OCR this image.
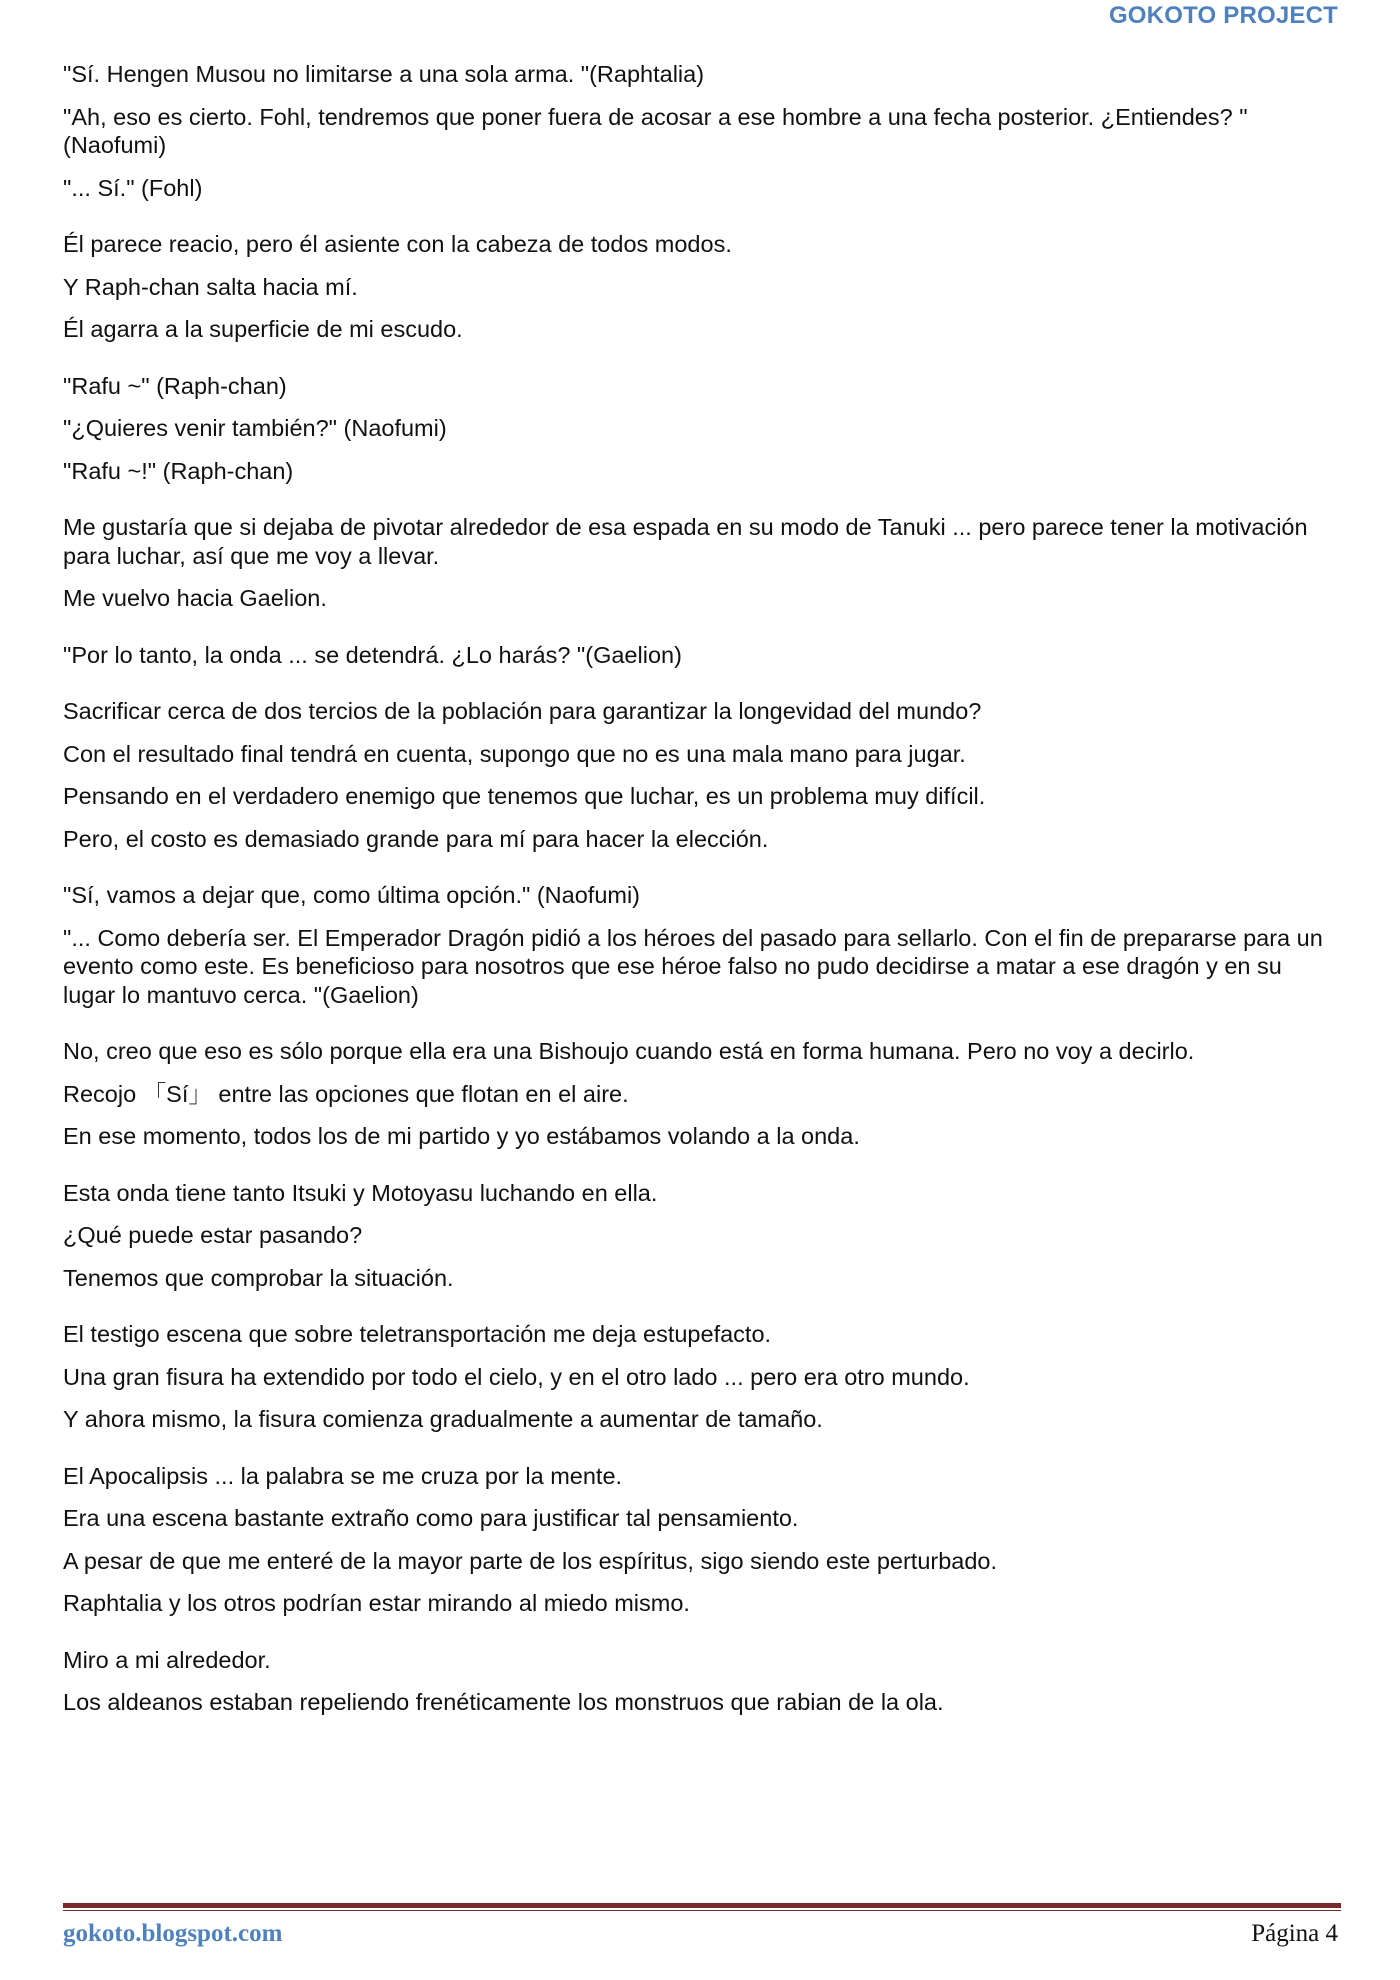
GOKOTO PROJECT

"Sí. Hengen Musou no limitarse a una sola arma. "(Raphtalia)

"Ah, eso es cierto. Fohl, tendremos que poner fuera de acosar a ese hombre a una fecha posterior. ¿Entiendes? "(Naofumi)

"... Sí." (Fohl)

Él parece reacio, pero él asiente con la cabeza de todos modos.

Y Raph-chan salta hacia mí.

Él agarra a la superficie de mi escudo.

"Rafu ~" (Raph-chan)

"¿Quieres venir también?" (Naofumi)

"Rafu ~!" (Raph-chan)

Me gustaría que si dejaba de pivotar alrededor de esa espada en su modo de Tanuki ... pero parece tener la motivación para luchar, así que me voy a llevar.

Me vuelvo hacia Gaelion.

"Por lo tanto, la onda ... se detendrá. ¿Lo harás? "(Gaelion)

Sacrificar cerca de dos tercios de la población para garantizar la longevidad del mundo?

Con el resultado final tendrá en cuenta, supongo que no es una mala mano para jugar.

Pensando en el verdadero enemigo que tenemos que luchar, es un problema muy difícil.

Pero, el costo es demasiado grande para mí para hacer la elección.

"Sí, vamos a dejar que, como última opción." (Naofumi)

"... Como debería ser. El Emperador Dragón pidió a los héroes del pasado para sellarlo. Con el fin de prepararse para un evento como este. Es beneficioso para nosotros que ese héroe falso no pudo decidirse a matar a ese dragón y en su lugar lo mantuvo cerca. "(Gaelion)

No, creo que eso es sólo porque ella era una Bishoujo cuando está en forma humana. Pero no voy a decirlo.

Recojo 「Sí」 entre las opciones que flotan en el aire.

En ese momento, todos los de mi partido y yo estábamos volando a la onda.

Esta onda tiene tanto Itsuki y Motoyasu luchando en ella.

¿Qué puede estar pasando?

Tenemos que comprobar la situación.

El testigo escena que sobre teletransportación me deja estupefacto.

Una gran fisura ha extendido por todo el cielo, y en el otro lado ... pero era otro mundo.

Y ahora mismo, la fisura comienza gradualmente a aumentar de tamaño.

El Apocalipsis ... la palabra se me cruza por la mente.

Era una escena bastante extraño como para justificar tal pensamiento.

A pesar de que me enteré de la mayor parte de los espíritus, sigo siendo este perturbado.

Raphtalia y los otros podrían estar mirando al miedo mismo.

Miro a mi alrededor.

Los aldeanos estaban repeliendo frenéticamente los monstruos que rabian de la ola.

gokoto.blogspot.com	Página 4
